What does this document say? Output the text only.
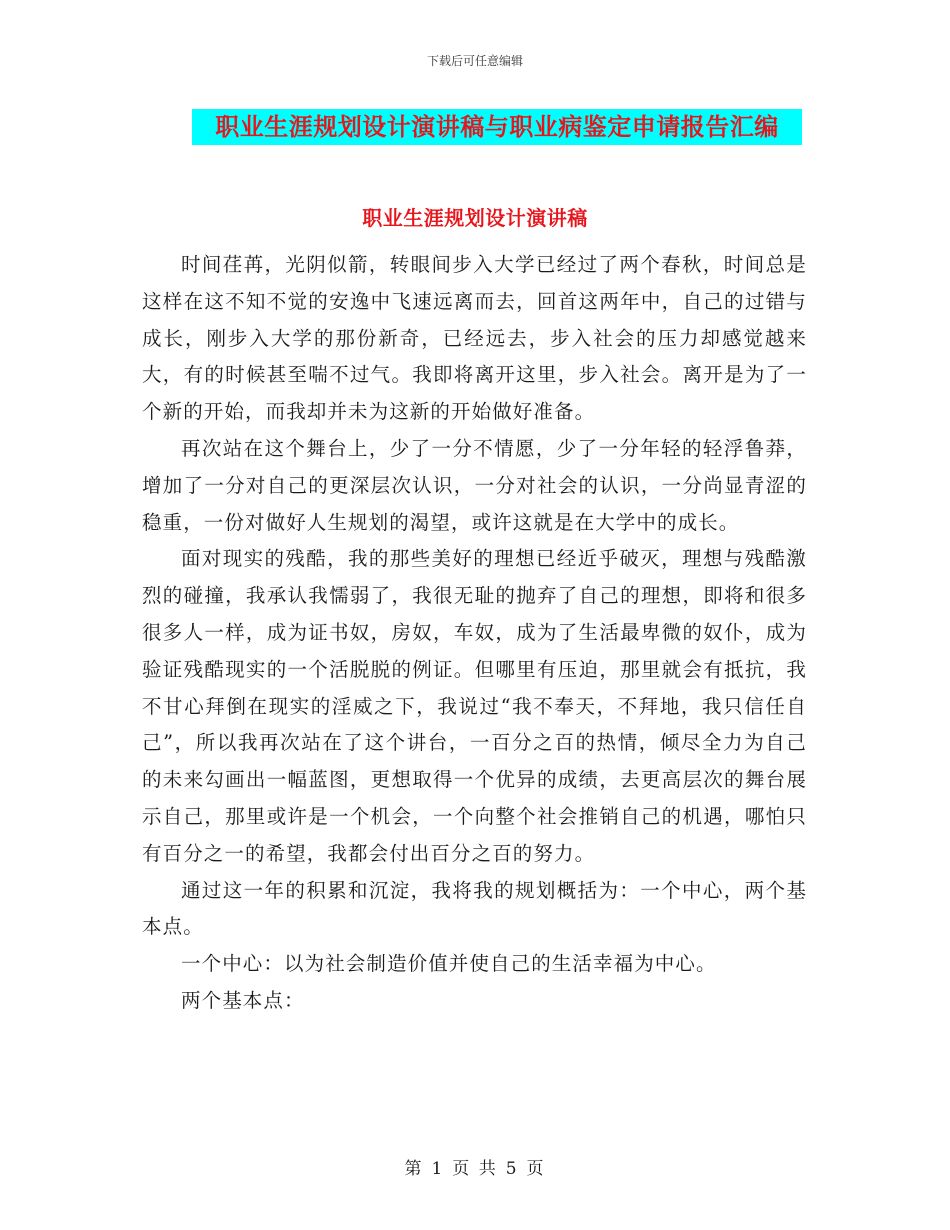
下载后可任意编辑
职业生涯规划设计演讲稿与职业病鉴定申请报告汇编
职业生涯规划设计演讲稿

时间荏苒，光阴似箭，转眼间步入大学已经过了两个春秋，时间总是这样在这不知不觉的安逸中飞速远离而去，回首这两年中，自己的过错与成长，刚步入大学的那份新奇，已经远去，步入社会的压力却感觉越来大，有的时候甚至喘不过气。我即将离开这里，步入社会。离开是为了一个新的开始，而我却并未为这新的开始做好准备。

再次站在这个舞台上，少了一分不情愿，少了一分年轻的轻浮鲁莽，增加了一分对自己的更深层次认识，一分对社会的认识，一分尚显青涩的稳重，一份对做好人生规划的渴望，或许这就是在大学中的成长。

面对现实的残酷，我的那些美好的理想已经近乎破灭，理想与残酷激烈的碰撞，我承认我懦弱了，我很无耻的抛弃了自己的理想，即将和很多很多人一样，成为证书奴，房奴，车奴，成为了生活最卑微的奴仆，成为验证残酷现实的一个活脱脱的例证。但哪里有压迫，那里就会有抵抗，我不甘心拜倒在现实的淫威之下，我说过“我不奉天，不拜地，我只信任自己”，所以我再次站在了这个讲台，一百分之百的热情，倾尽全力为自己的未来勾画出一幅蓝图，更想取得一个优异的成绩，去更高层次的舞台展示自己，那里或许是一个机会，一个向整个社会推销自己的机遇，哪怕只有百分之一的希望，我都会付出百分之百的努力。

通过这一年的积累和沉淀，我将我的规划概括为：一个中心，两个基本点。

一个中心：以为社会制造价值并使自己的生活幸福为中心。

两个基本点：

第 1 页 共 5 页
